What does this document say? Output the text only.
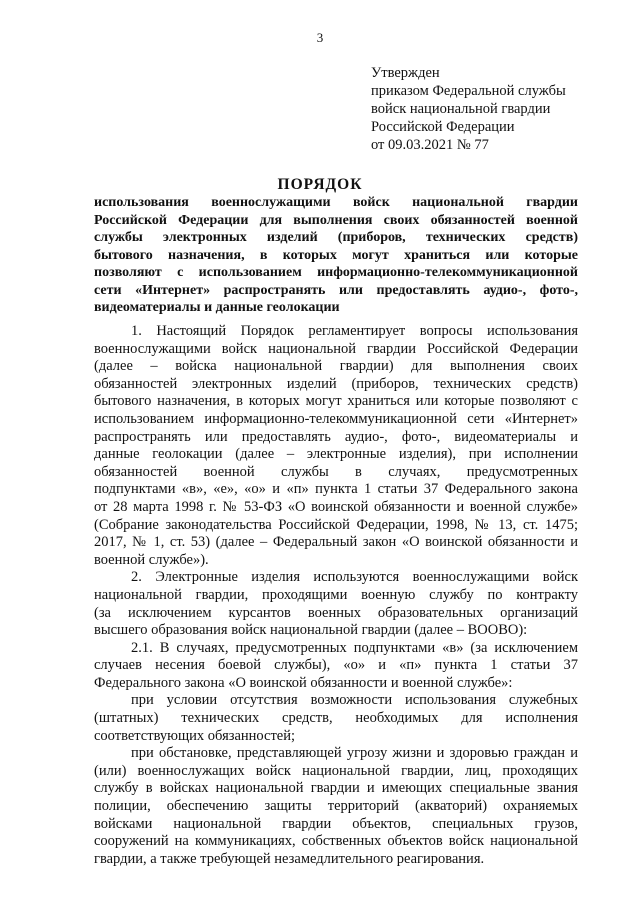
3
Утвержден
приказом Федеральной службы
войск национальной гвардии
Российской Федерации
от 09.03.2021 № 77
ПОРЯДОК
использования военнослужащими войск национальной гвардии
Российской Федерации для выполнения своих обязанностей военной
службы электронных изделий (приборов, технических средств)
бытового назначения, в которых могут храниться или которые
позволяют с использованием информационно-телекоммуникационной
сети «Интернет» распространять или предоставлять аудио-, фото-,
видеоматериалы и данные геолокации
1. Настоящий Порядок регламентирует вопросы использования
военнослужащими войск национальной гвардии Российской Федерации
(далее – войска национальной гвардии) для выполнения своих
обязанностей электронных изделий (приборов, технических средств)
бытового назначения, в которых могут храниться или которые позволяют с
использованием информационно-телекоммуникационной сети «Интернет»
распространять или предоставлять аудио-, фото-, видеоматериалы и
данные геолокации (далее – электронные изделия), при исполнении
обязанностей военной службы в случаях, предусмотренных
подпунктами «в», «е», «о» и «п» пункта 1 статьи 37 Федерального закона
от 28 марта 1998 г. № 53-ФЗ «О воинской обязанности и военной службе»
(Собрание законодательства Российской Федерации, 1998, № 13, ст. 1475;
2017, № 1, ст. 53) (далее – Федеральный закон «О воинской обязанности и
военной службе»).
2. Электронные изделия используются военнослужащими войск
национальной гвардии, проходящими военную службу по контракту
(за исключением курсантов военных образовательных организаций
высшего образования войск национальной гвардии (далее – ВООВО):
2.1. В случаях, предусмотренных подпунктами «в» (за исключением
случаев несения боевой службы), «о» и «п» пункта 1 статьи 37
Федерального закона «О воинской обязанности и военной службе»:
при условии отсутствия возможности использования служебных
(штатных) технических средств, необходимых для исполнения
соответствующих обязанностей;
при обстановке, представляющей угрозу жизни и здоровью граждан и
(или) военнослужащих войск национальной гвардии, лиц, проходящих
службу в войсках национальной гвардии и имеющих специальные звания
полиции, обеспечению защиты территорий (акваторий) охраняемых
войсками национальной гвардии объектов, специальных грузов,
сооружений на коммуникациях, собственных объектов войск национальной
гвардии, а также требующей незамедлительного реагирования.
